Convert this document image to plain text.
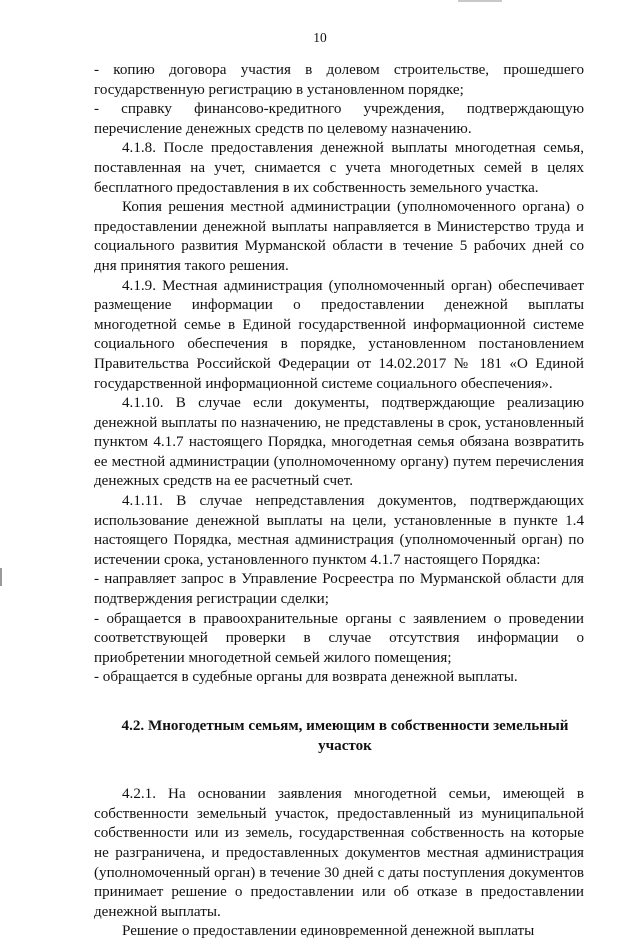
10

- копию договора участия в долевом строительстве, прошедшего государственную регистрацию в установленном порядке;

- справку финансово-кредитного учреждения, подтверждающую перечисление денежных средств по целевому назначению.

4.1.8. После предоставления денежной выплаты многодетная семья, поставленная на учет, снимается с учета многодетных семей в целях бесплатного предоставления в их собственность земельного участка.

Копия решения местной администрации (уполномоченного органа) о предоставлении денежной выплаты направляется в Министерство труда и социального развития Мурманской области в течение 5 рабочих дней со дня принятия такого решения.

4.1.9. Местная администрация (уполномоченный орган) обеспечивает размещение информации о предоставлении денежной выплаты многодетной семье в Единой государственной информационной системе социального обеспечения в порядке, установленном постановлением Правительства Российской Федерации от 14.02.2017 № 181 «О Единой государственной информационной системе социального обеспечения».

4.1.10. В случае если документы, подтверждающие реализацию денежной выплаты по назначению, не представлены в срок, установленный пунктом 4.1.7 настоящего Порядка, многодетная семья обязана возвратить ее местной администрации (уполномоченному органу) путем перечисления денежных средств на ее расчетный счет.

4.1.11. В случае непредставления документов, подтверждающих использование денежной выплаты на цели, установленные в пункте 1.4 настоящего Порядка, местная администрация (уполномоченный орган) по истечении срока, установленного пунктом 4.1.7 настоящего Порядка:

- направляет запрос в Управление Росреестра по Мурманской области для подтверждения регистрации сделки;

- обращается в правоохранительные органы с заявлением о проведении соответствующей проверки в случае отсутствия информации о приобретении многодетной семьей жилого помещения;

- обращается в судебные органы для возврата денежной выплаты.

4.2. Многодетным семьям, имеющим в собственности земельный участок

4.2.1. На основании заявления многодетной семьи, имеющей в собственности земельный участок, предоставленный из муниципальной собственности или из земель, государственная собственность на которые не разграничена, и предоставленных документов местная администрация (уполномоченный орган) в течение 30 дней с даты поступления документов принимает решение о предоставлении или об отказе в предоставлении денежной выплаты.

Решение о предоставлении единовременной денежной выплаты
